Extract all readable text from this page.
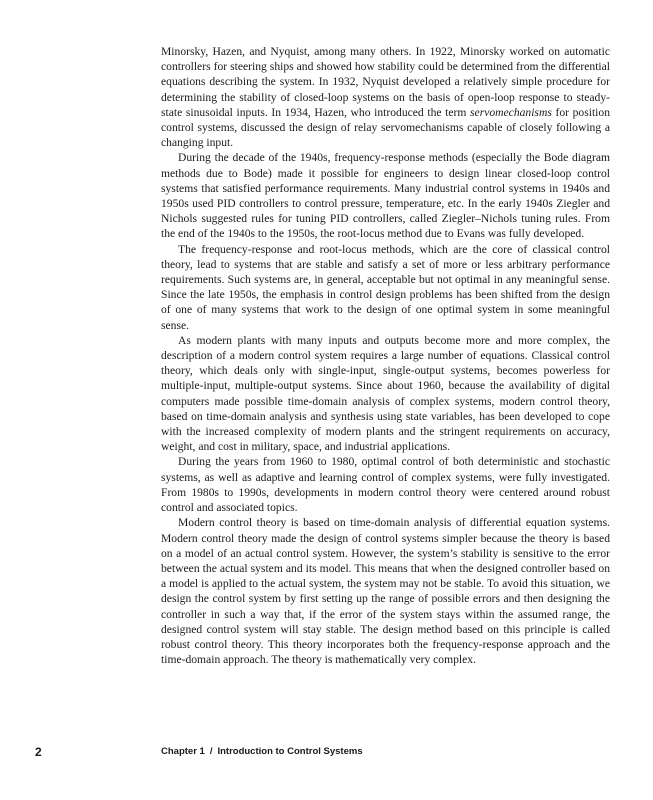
Minorsky, Hazen, and Nyquist, among many others. In 1922, Minorsky worked on automatic controllers for steering ships and showed how stability could be determined from the differential equations describing the system. In 1932, Nyquist developed a relatively simple procedure for determining the stability of closed-loop systems on the basis of open-loop response to steady-state sinusoidal inputs. In 1934, Hazen, who introduced the term servomechanisms for position control systems, discussed the design of relay servomechanisms capable of closely following a changing input.

During the decade of the 1940s, frequency-response methods (especially the Bode diagram methods due to Bode) made it possible for engineers to design linear closed-loop control systems that satisfied performance requirements. Many industrial control systems in 1940s and 1950s used PID controllers to control pressure, temperature, etc. In the early 1940s Ziegler and Nichols suggested rules for tuning PID controllers, called Ziegler–Nichols tuning rules. From the end of the 1940s to the 1950s, the root-locus method due to Evans was fully developed.

The frequency-response and root-locus methods, which are the core of classical control theory, lead to systems that are stable and satisfy a set of more or less arbitrary performance requirements. Such systems are, in general, acceptable but not optimal in any meaningful sense. Since the late 1950s, the emphasis in control design problems has been shifted from the design of one of many systems that work to the design of one optimal system in some meaningful sense.

As modern plants with many inputs and outputs become more and more complex, the description of a modern control system requires a large number of equations. Classical control theory, which deals only with single-input, single-output systems, becomes powerless for multiple-input, multiple-output systems. Since about 1960, because the availability of digital computers made possible time-domain analysis of complex systems, modern control theory, based on time-domain analysis and synthesis using state variables, has been developed to cope with the increased complexity of modern plants and the stringent requirements on accuracy, weight, and cost in military, space, and industrial applications.

During the years from 1960 to 1980, optimal control of both deterministic and stochastic systems, as well as adaptive and learning control of complex systems, were fully investigated. From 1980s to 1990s, developments in modern control theory were centered around robust control and associated topics.

Modern control theory is based on time-domain analysis of differential equation systems. Modern control theory made the design of control systems simpler because the theory is based on a model of an actual control system. However, the system’s stability is sensitive to the error between the actual system and its model. This means that when the designed controller based on a model is applied to the actual system, the system may not be stable. To avoid this situation, we design the control system by first setting up the range of possible errors and then designing the controller in such a way that, if the error of the system stays within the assumed range, the designed control system will stay stable. The design method based on this principle is called robust control theory. This theory incorporates both the frequency-response approach and the time-domain approach. The theory is mathematically very complex.

2	Chapter 1 / Introduction to Control Systems
